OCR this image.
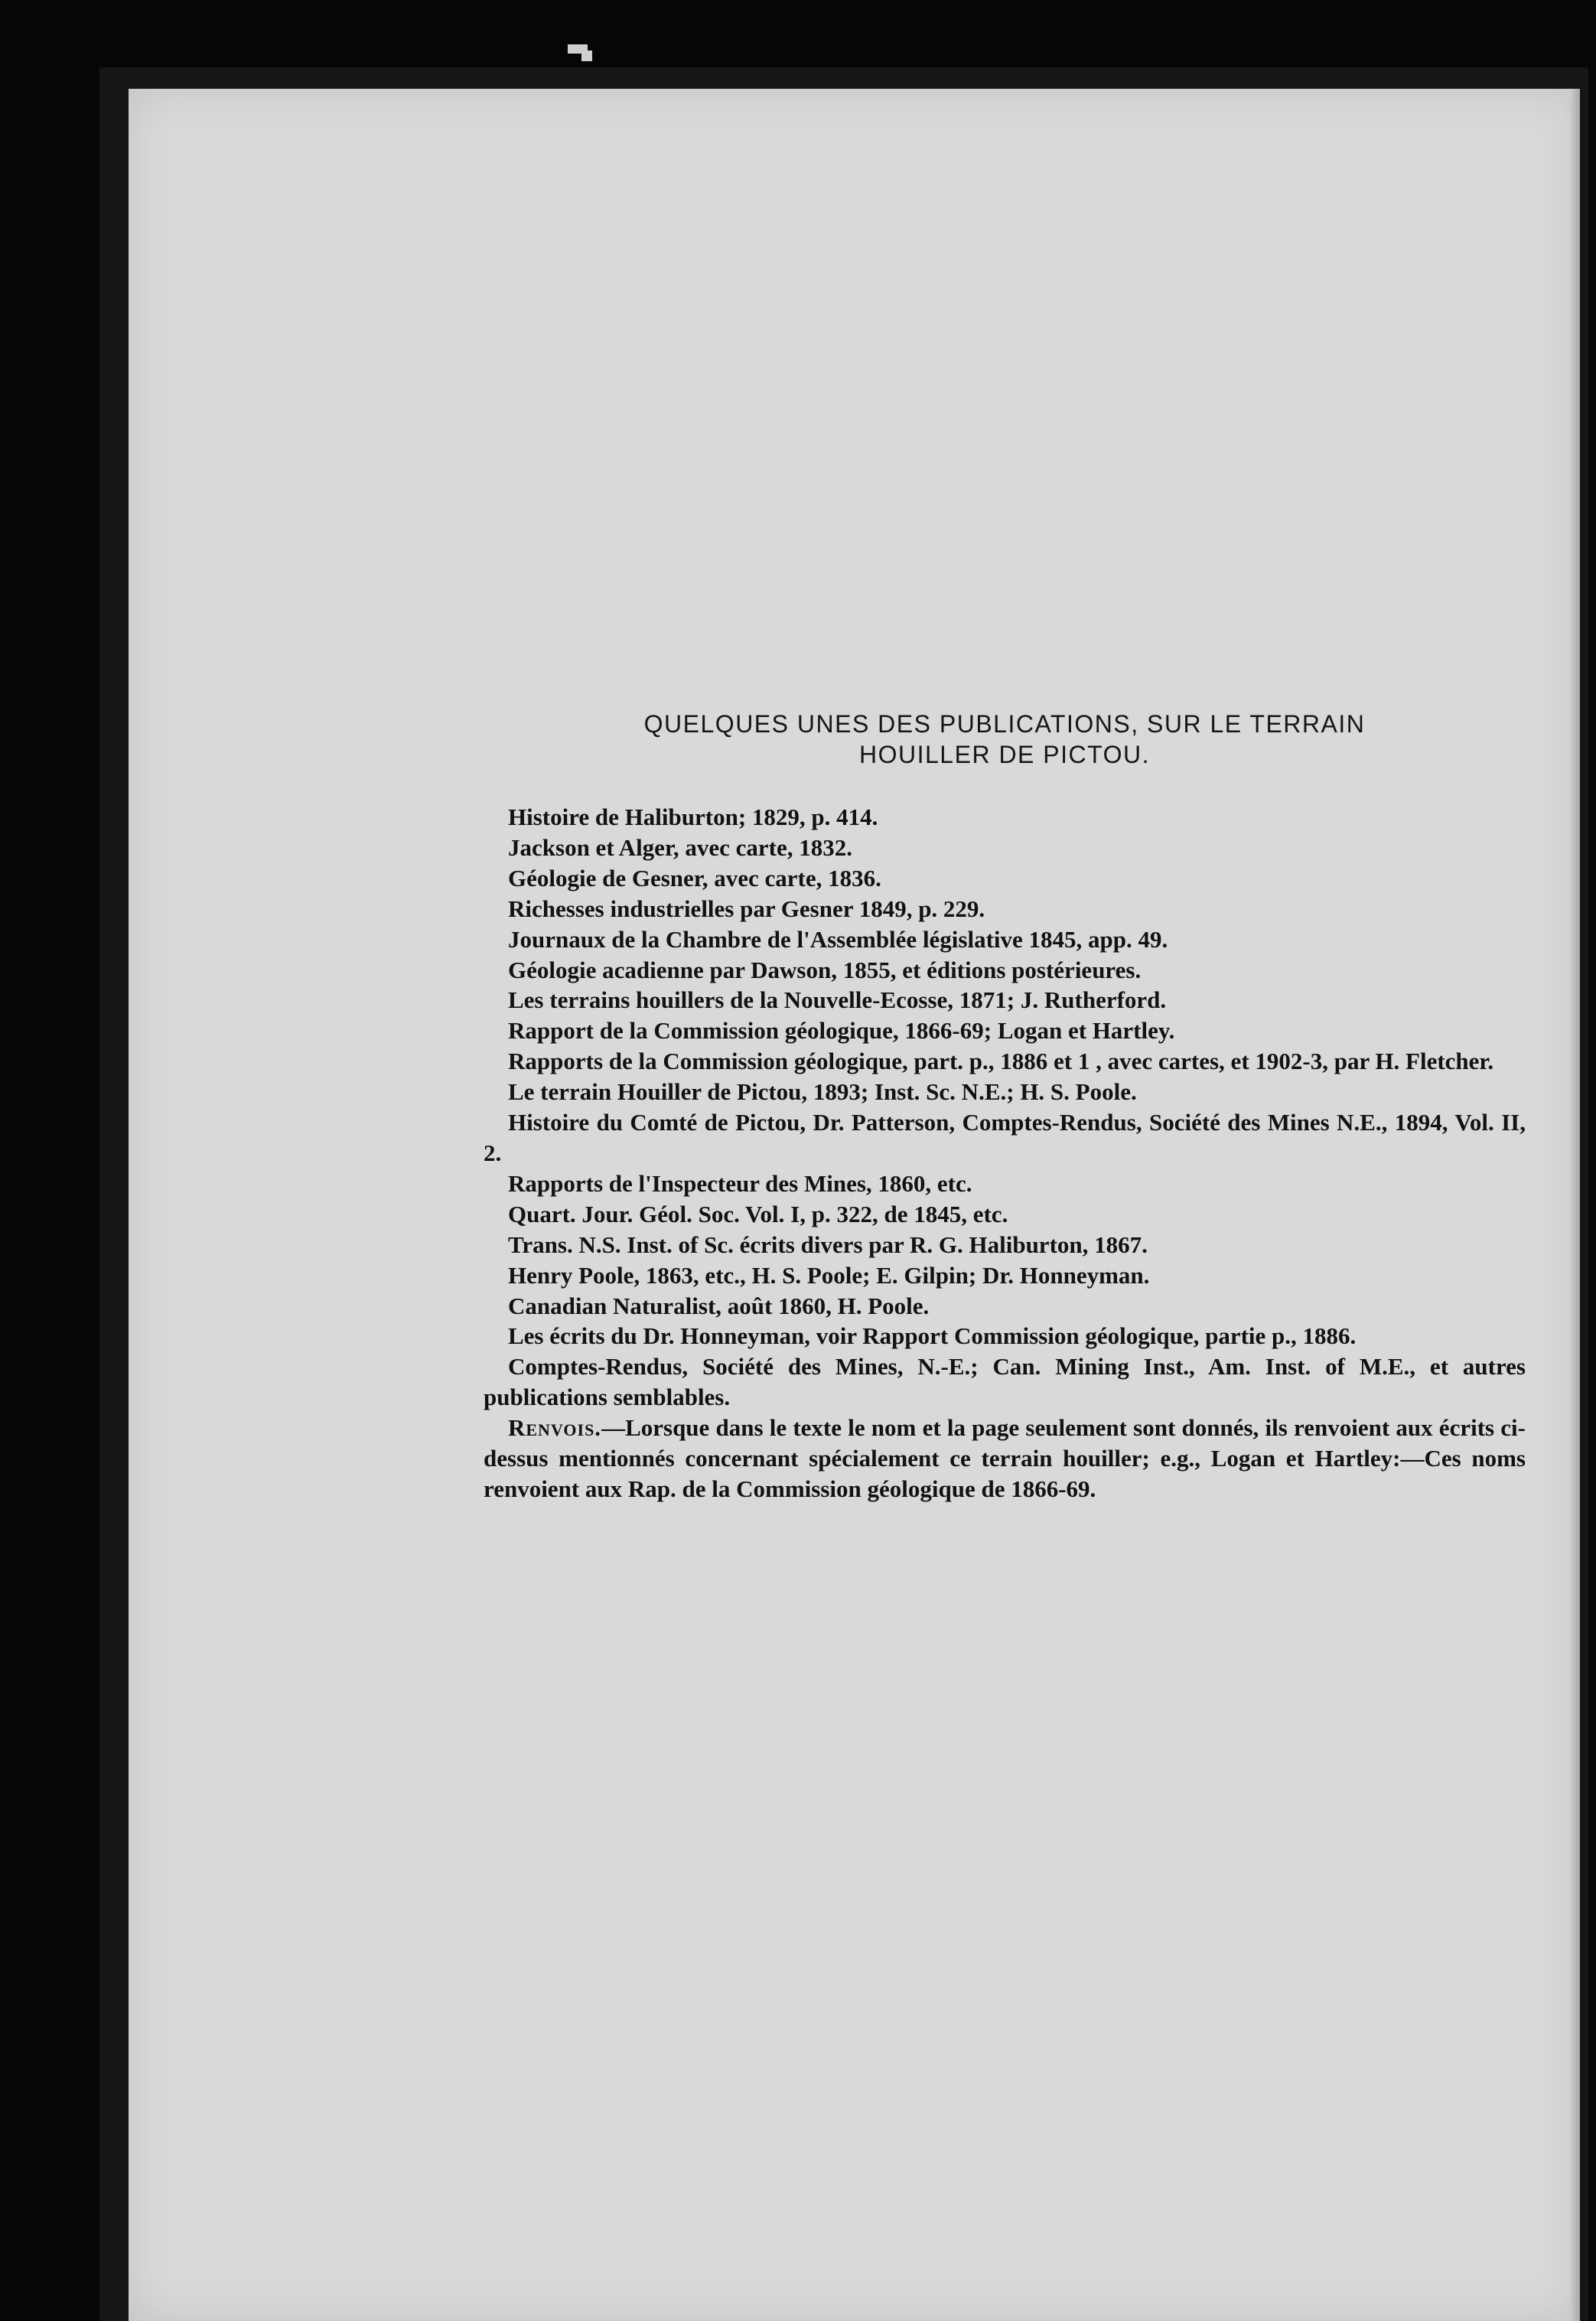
QUELQUES UNES DES PUBLICATIONS, SUR LE TERRAIN
HOUILLER DE PICTOU.

Histoire de Haliburton; 1829, p. 414.

Jackson et Alger, avec carte, 1832.

Géologie de Gesner, avec carte, 1836.

Richesses industrielles par Gesner 1849, p. 229.

Journaux de la Chambre de l'Assemblée législative 1845, app. 49.

Géologie acadienne par Dawson, 1855, et éditions postérieures.

Les terrains houillers de la Nouvelle-Ecosse, 1871; J. Rutherford.

Rapport de la Commission géologique, 1866-69; Logan et Hartley.

Rapports de la Commission géologique, part. p., 1886 et 1 , avec cartes, et 1902-3, par H. Fletcher.

Le terrain Houiller de Pictou, 1893; Inst. Sc. N.E.; H. S. Poole.

Histoire du Comté de Pictou, Dr. Patterson, Comptes-Rendus, Société des Mines N.E., 1894, Vol. II, 2.

Rapports de l'Inspecteur des Mines, 1860, etc.

Quart. Jour. Géol. Soc. Vol. I, p. 322, de 1845, etc.

Trans. N.S. Inst. of Sc. écrits divers par R. G. Haliburton, 1867.

Henry Poole, 1863, etc., H. S. Poole; E. Gilpin; Dr. Honneyman.

Canadian Naturalist, août 1860, H. Poole.

Les écrits du Dr. Honneyman, voir Rapport Commission géologique, partie p., 1886.

Comptes-Rendus, Société des Mines, N.-E.; Can. Mining Inst., Am. Inst. of M.E., et autres publications semblables.

Renvois.—Lorsque dans le texte le nom et la page seulement sont donnés, ils renvoient aux écrits ci-dessus mentionnés concernant spécialement ce terrain houiller; e.g., Logan et Hartley:—Ces noms renvoient aux Rap. de la Commission géologique de 1866-69.
